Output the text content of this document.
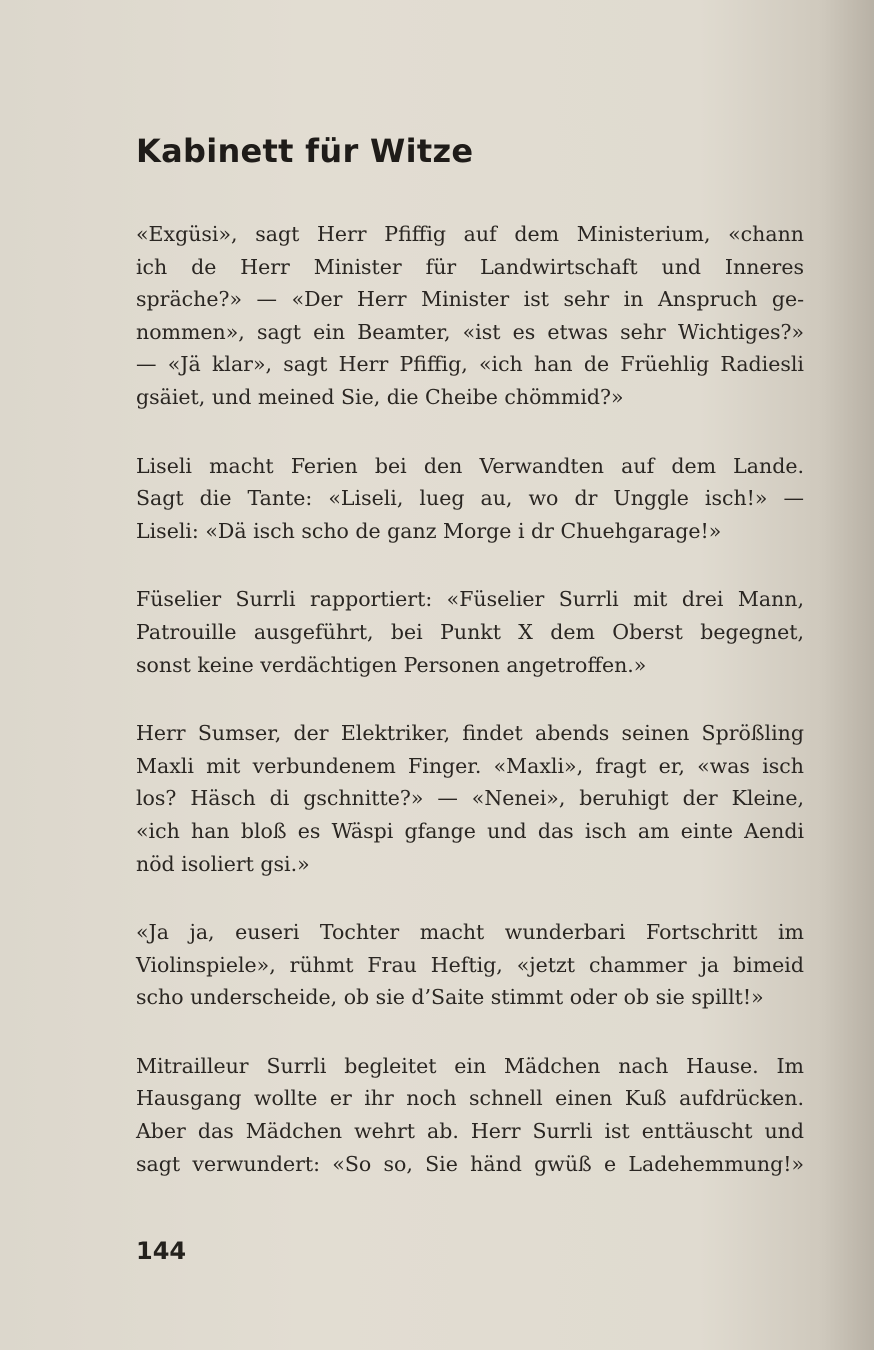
Kabinett für Witze

«Exgüsi», sagt Herr Pfiffig auf dem Ministerium, «chann
ich de Herr Minister für Landwirtschaft und Inneres
spräche?» — «Der Herr Minister ist sehr in Anspruch ge-
nommen», sagt ein Beamter, «ist es etwas sehr Wichtiges?»
— «Jä klar», sagt Herr Pfiffig, «ich han de Früehlig Radiesli
gsäiet, und meined Sie, die Cheibe chömmid?»

Liseli macht Ferien bei den Verwandten auf dem Lande.
Sagt die Tante: «Liseli, lueg au, wo dr Unggle isch!» —
Liseli: «Dä isch scho de ganz Morge i dr Chuehgarage!»

Füselier Surrli rapportiert: «Füselier Surrli mit drei Mann,
Patrouille ausgeführt, bei Punkt X dem Oberst begegnet,
sonst keine verdächtigen Personen angetroffen.»

Herr Sumser, der Elektriker, findet abends seinen Sprößling
Maxli mit verbundenem Finger. «Maxli», fragt er, «was isch
los? Häsch di gschnitte?» — «Nenei», beruhigt der Kleine,
«ich han bloß es Wäspi gfange und das isch am einte Aendi
nöd isoliert gsi.»

«Ja ja, euseri Tochter macht wunderbari Fortschritt im
Violinspiele», rühmt Frau Heftig, «jetzt chammer ja bimeid
scho underscheide, ob sie d’Saite stimmt oder ob sie spillt!»

Mitrailleur Surrli begleitet ein Mädchen nach Hause. Im
Hausgang wollte er ihr noch schnell einen Kuß aufdrücken.
Aber das Mädchen wehrt ab. Herr Surrli ist enttäuscht und
sagt verwundert: «So so, Sie händ gwüß e Ladehemmung!»

144
